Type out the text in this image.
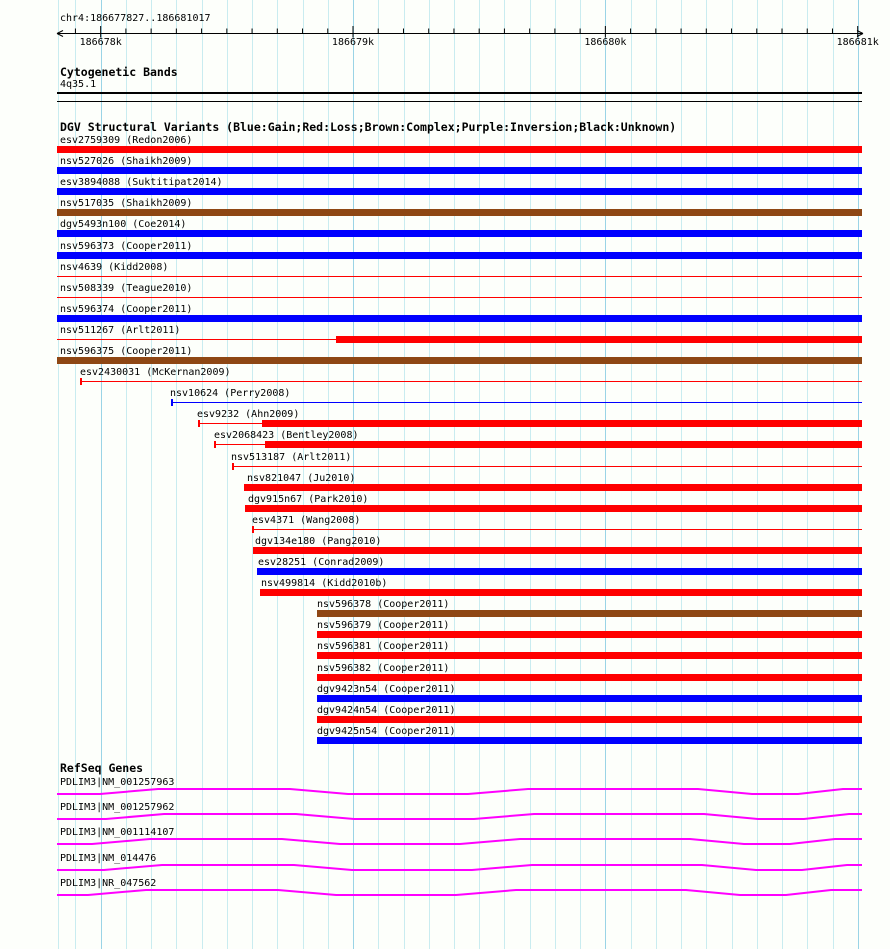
chr4:186677827..186681017
186678k	186679k	186680k	186681k
Cytogenetic Bands
4q35.1
DGV Structural Variants (Blue:Gain;Red:Loss;Brown:Complex;Purple:Inversion;Black:Unknown)
esv2759309 (Redon2006)
nsv527026 (Shaikh2009)
esv3894088 (Suktitipat2014)
nsv517035 (Shaikh2009)
dgv5493n100 (Coe2014)
nsv596373 (Cooper2011)
nsv4639 (Kidd2008)
nsv508339 (Teague2010)
nsv596374 (Cooper2011)
nsv511267 (Arlt2011)
nsv596375 (Cooper2011)
esv2430031 (McKernan2009)
nsv10624 (Perry2008)
esv9232 (Ahn2009)
esv2068423 (Bentley2008)
nsv513187 (Arlt2011)
nsv821047 (Ju2010)
dgv915n67 (Park2010)
esv4371 (Wang2008)
dgv134e180 (Pang2010)
esv28251 (Conrad2009)
nsv499814 (Kidd2010b)
nsv596378 (Cooper2011)
nsv596379 (Cooper2011)
nsv596381 (Cooper2011)
nsv596382 (Cooper2011)
dgv9423n54 (Cooper2011)
dgv9424n54 (Cooper2011)
dgv9425n54 (Cooper2011)
RefSeq Genes
PDLIM3|NM_001257963
PDLIM3|NM_001257962
PDLIM3|NM_001114107
PDLIM3|NM_014476
PDLIM3|NR_047562
